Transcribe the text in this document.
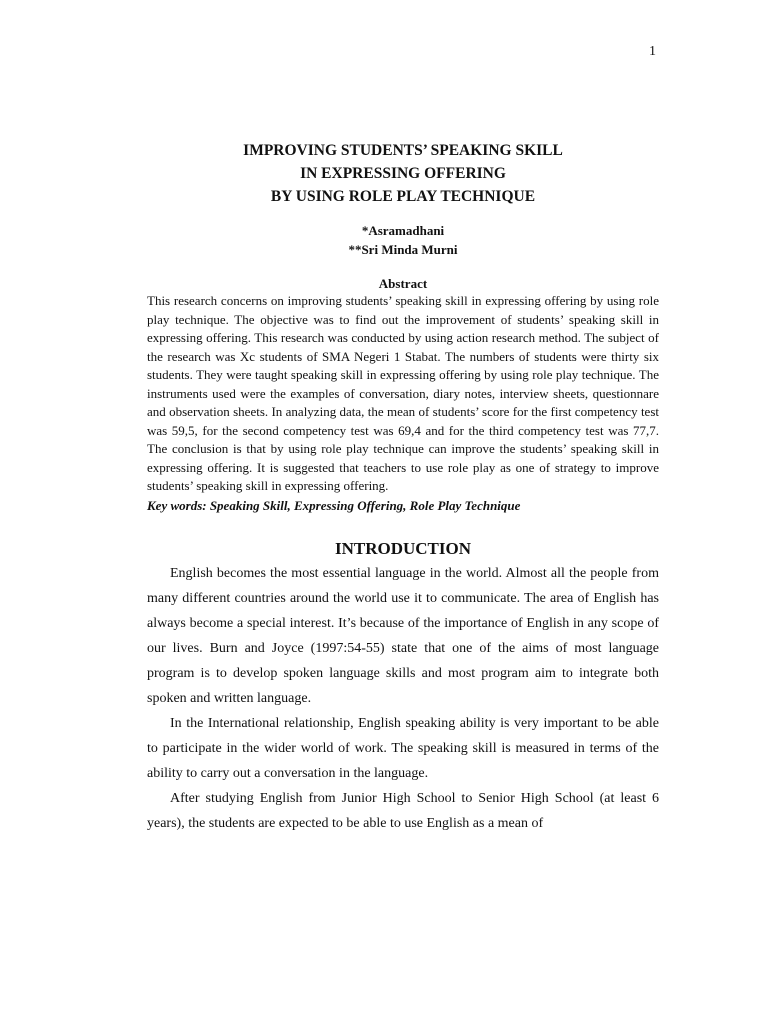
1
IMPROVING STUDENTS’ SPEAKING SKILL
IN EXPRESSING OFFERING
BY USING ROLE PLAY TECHNIQUE
*Asramadhani
**Sri Minda Murni
Abstract

This research concerns on improving students’ speaking skill in expressing offering by using role play technique. The objective was to find out the improvement of students’ speaking skill in expressing offering. This research was conducted by using action research method. The subject of the research was Xc students of SMA Negeri 1 Stabat. The numbers of students were thirty six students. They were taught speaking skill in expressing offering by using role play technique. The instruments used were the examples of conversation, diary notes, interview sheets, questionnare and observation sheets. In analyzing data, the mean of students’ score for the first competency test was 59,5, for the second competency test was 69,4 and for the third competency test was 77,7. The conclusion is that by using role play technique can improve the students’ speaking skill in expressing offering. It is suggested that teachers to use role play as one of strategy to improve students’ speaking skill in expressing offering.

Key words: Speaking Skill, Expressing Offering, Role Play Technique
INTRODUCTION

English becomes the most essential language in the world. Almost all the people from many different countries around the world use it to communicate. The area of English has always become a special interest. It’s because of the importance of English in any scope of our lives. Burn and Joyce (1997:54-55) state that one of the aims of most language program is to develop spoken language skills and most program aim to integrate both spoken and written language.

In the International relationship, English speaking ability is very important to be able to participate in the wider world of work. The speaking skill is measured in terms of the ability to carry out a conversation in the language.

After studying English from Junior High School to Senior High School (at least 6 years), the students are expected to be able to use English as a mean of
